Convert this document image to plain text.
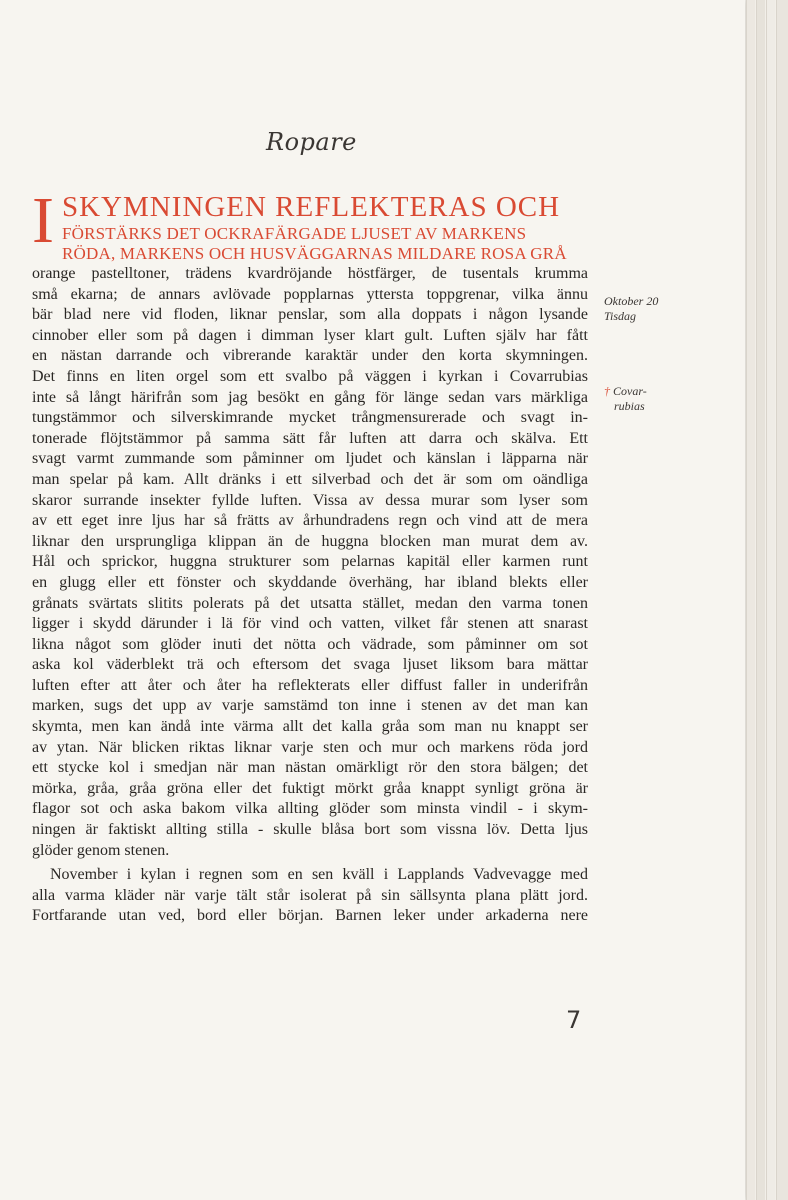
Ropare
I SKYMNINGEN REFLEKTERAS OCH
FÖRSTÄRKS DET OCKRAFÄRGADE LJUSET AV MARKENS
RÖDA, MARKENS OCH HUSVÄGGARNAS MILDARE ROSA GRÅ
orange pastelltoner, trädens kvardröjande höstfärger, de tusentals krumma
små ekarna; de annars avlövade popplarnas yttersta toppgrenar, vilka ännu
bär blad nere vid floden, liknar penslar, som alla doppats i någon lysande
cinnober eller som på dagen i dimman lyser klart gult. Luften själv har fått
en nästan darrande och vibrerande karaktär under den korta skymningen.
Det finns en liten orgel som ett svalbo på väggen i kyrkan i Covarrubias
inte så långt härifrån som jag besökt en gång för länge sedan vars märkliga
tungstämmor och silverskimrande mycket trångmensurerade och svagt in-
tonerade flöjtstämmor på samma sätt får luften att darra och skälva. Ett
svagt varmt zummande som påminner om ljudet och känslan i läpparna när
man spelar på kam. Allt dränks i ett silverbad och det är som om oändliga
skaror surrande insekter fyllde luften. Vissa av dessa murar som lyser som
av ett eget inre ljus har så frätts av århundradens regn och vind att de mera
liknar den ursprungliga klippan än de huggna blocken man murat dem av.
Hål och sprickor, huggna strukturer som pelarnas kapitäl eller karmen runt
en glugg eller ett fönster och skyddande överhäng, har ibland blekts eller
grånats svärtats slitits polerats på det utsatta stället, medan den varma tonen
ligger i skydd därunder i lä för vind och vatten, vilket får stenen att snarast
likna något som glöder inuti det nötta och vädrade, som påminner om sot
aska kol väderblekt trä och eftersom det svaga ljuset liksom bara mättar
luften efter att åter och åter ha reflekterats eller diffust faller in underifrån
marken, sugs det upp av varje samstämd ton inne i stenen av det man kan
skymta, men kan ändå inte värma allt det kalla gråa som man nu knappt ser
av ytan. När blicken riktas liknar varje sten och mur och markens röda jord
ett stycke kol i smedjan när man nästan omärkligt rör den stora bälgen; det
mörka, gråa, gråa gröna eller det fuktigt mörkt gråa knappt synligt gröna är
flagor sot och aska bakom vilka allting glöder som minsta vindil - i skym-
ningen är faktiskt allting stilla - skulle blåsa bort som vissna löv. Detta ljus
glöder genom stenen.
November i kylan i regnen som en sen kväll i Lapplands Vadvevagge med
alla varma kläder när varje tält står isolerat på sin sällsynta plana plätt jord.
Fortfarande utan ved, bord eller början. Barnen leker under arkaderna nere
Oktober 20
Tisdag
† Covar-
rubias
7
